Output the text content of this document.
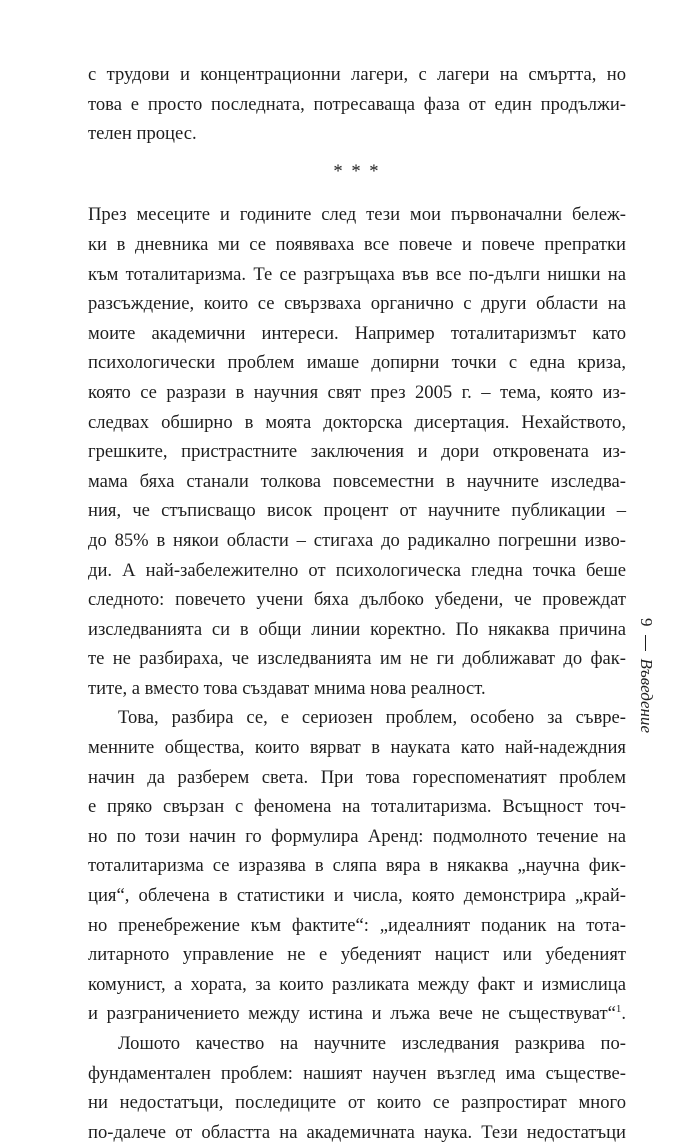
с трудови и концентрационни лагери, с лагери на смъртта, но
това е просто последната, потресаваща фаза от един продължи-
телен процес.
* * *
През месеците и годините след тези мои първоначални бележ-
ки в дневника ми се появяваха все повече и повече препратки
към тоталитаризма. Те се разгръщаха във все по-дълги нишки на
разсъждение, които се свързваха органично с други области на
моите академични интереси. Например тоталитаризмът като
психологически проблем имаше допирни точки с една криза,
която се разрази в научния свят през 2005 г. – тема, която из-
следвах обширно в моята докторска дисертация. Нехайството,
грешките, пристрастните заключения и дори откровената из-
мама бяха станали толкова повсеместни в научните изследва-
ния, че стъписващо висок процент от научните публикации –
до 85% в някои области – стигаха до радикално погрешни изво-
ди. А най-забележително от психологическа гледна точка беше
следното: повечето учени бяха дълбоко убедени, че провеждат
изследванията си в общи линии коректно. По някаква причина
те не разбираха, че изследванията им не ги доближават до фак-
тите, а вместо това създават мнима нова реалност.
Това, разбира се, е сериозен проблем, особено за съвре-
менните общества, които вярват в науката като най-надеждния
начин да разберем света. При това гореспоменатият проблем
е пряко свързан с феномена на тоталитаризма. Всъщност точ-
но по този начин го формулира Аренд: подмолното течение на
тоталитаризма се изразява в сляпа вяра в някаква „научна фик-
ция“, облечена в статистики и числа, която демонстрира „край-
но пренебрежение към фактите“: „идеалният поданик на тота-
литарното управление не е убеденият нацист или убеденият
комунист, а хората, за които разликата между факт и измислица
и разграничението между истина и лъжа вече не съществуват“$^1$.
Лошото качество на научните изследвания разкрива по-
фундаментален проблем: нашият научен възглед има съществе-
ни недостатъци, последиците от които се разпростират много
по-далече от областта на академичната наука. Тези недостатъци
9
Въведение
